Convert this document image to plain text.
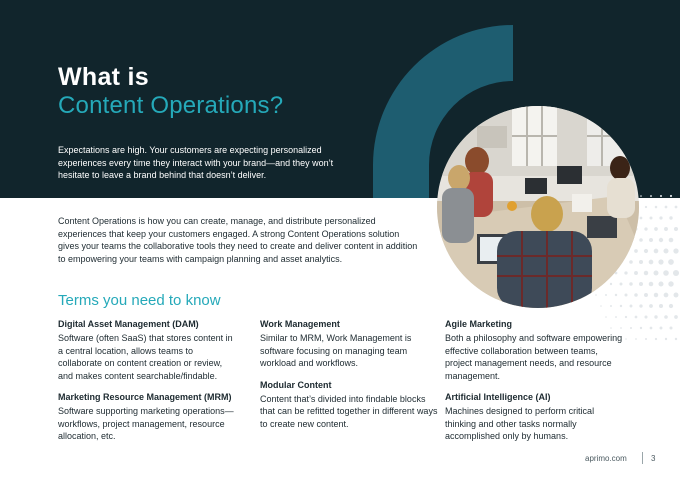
What is
Content Operations?
Expectations are high. Your customers are expecting personalized experiences every time they interact with your brand—and they won’t hesitate to leave a brand behind that doesn’t deliver.
Content Operations is how you can create, manage, and distribute personalized experiences that keep your customers engaged. A strong Content Operations solution gives your teams the collaborative tools they need to create and deliver content in addition to empowering your teams with campaign planning and asset analytics.
Terms you need to know
Digital Asset Management (DAM)
Software (often SaaS) that stores content in a central location, allows teams to collaborate on content creation or review, and makes content searchable/findable.
Marketing Resource Management (MRM)
Software supporting marketing operations—workflows, project management, resource allocation, etc.
Work Management
Similar to MRM, Work Management is software focusing on managing team workload and workflows.
Modular Content
Content that’s divided into findable blocks that can be refitted together in different ways to create new content.
Agile Marketing
Both a philosophy and software empowering effective collaboration between teams, project management needs, and resource management.
Artificial Intelligence (AI)
Machines designed to perform critical thinking and other tasks normally accomplished only by humans.
aprimo.com	3
